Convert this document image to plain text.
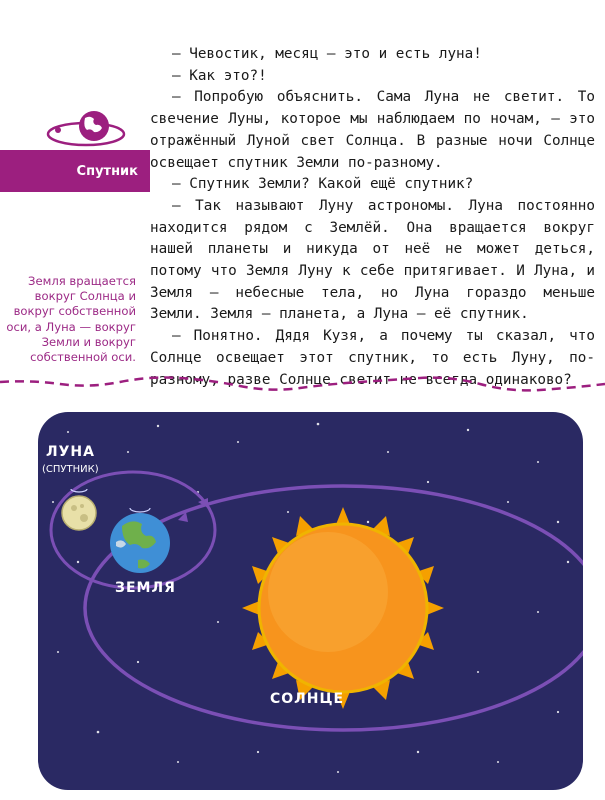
Спутник

Земля вращается вокруг Солнца и вокруг собственной оси, а Луна — вокруг Земли и вокруг собственной оси.

— Чевостик, месяц — это и есть луна!

— Как это?!

— Попробую объяснить. Сама Луна не светит. То свечение Луны, которое мы наблюдаем по ночам, — это отражённый Луной свет Солнца. В разные ночи Солнце освещает спутник Земли по-разному.

— Спутник Земли? Какой ещё спутник?

— Так называют Луну астрономы. Луна постоянно находится рядом с Землёй. Она вращается вокруг нашей планеты и никуда от неё не может деться, потому что Земля Луну к себе притягивает. И Луна, и Земля — небесные тела, но Луна гораздо меньше Земли. Земля — планета, а Луна — её спутник.

— Понятно. Дядя Кузя, а почему ты сказал, что Солнце освещает этот спутник, то есть Луну, по-разному, разве Солнце светит не всегда одинаково?

ЛУНА
(СПУТНИК)
ЗЕМЛЯ
СОЛНЦЕ
